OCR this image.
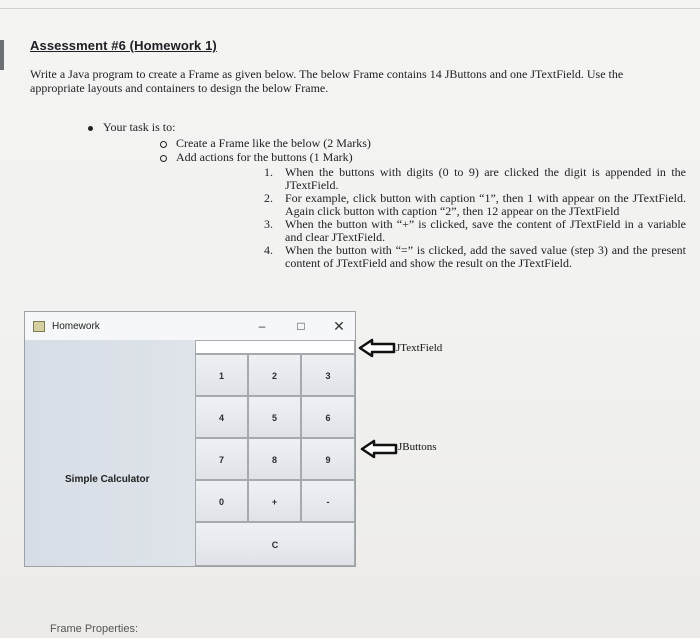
Assessment #6 (Homework 1)
Write a Java program to create a Frame as given below. The below Frame contains 14 JButtons and one JTextField. Use the appropriate layouts and containers to design the below Frame.
Your task is to:
Create a Frame like the below (2 Marks)
Add actions for the buttons (1 Mark)
1.	When the buttons with digits (0 to 9) are clicked the digit is appended in the JTextField.
2.	For example, click button with caption “1”, then 1 with appear on the JTextField. Again click button with caption “2”, then 12 appear on the JTextField
3.	When the button with “+” is clicked, save the content of JTextField in a variable and clear JTextField.
4.	When the button with “=” is clicked, add the saved value (step 3) and the present content of JTextField and show the result on the JTextField.
Homework	–	□	✕
Simple Calculator
1	2	3
4	5	6
7	8	9
0	+	-
C
JTextField
JButtons
Frame Properties:
